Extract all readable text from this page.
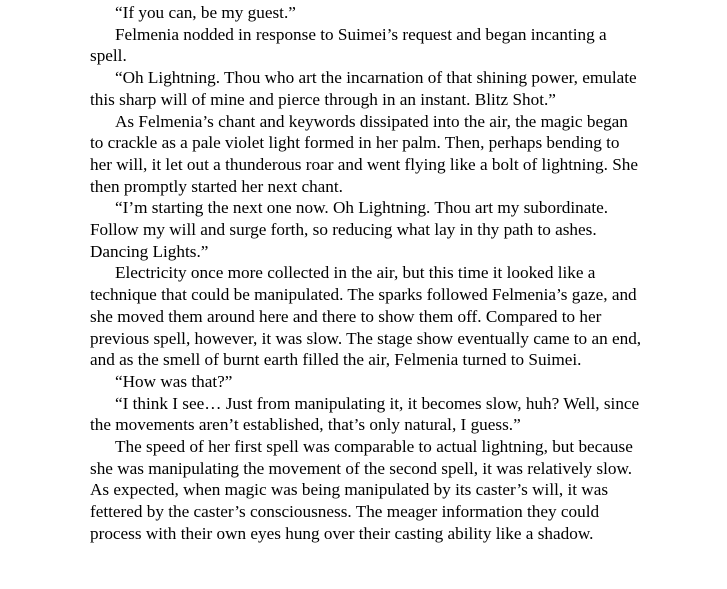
“If you can, be my guest.”

Felmenia nodded in response to Suimei’s request and began incanting a spell.

“Oh Lightning. Thou who art the incarnation of that shining power, emulate this sharp will of mine and pierce through in an instant. Blitz Shot.”

As Felmenia’s chant and keywords dissipated into the air, the magic began to crackle as a pale violet light formed in her palm. Then, perhaps bending to her will, it let out a thunderous roar and went flying like a bolt of lightning. She then promptly started her next chant.

“I’m starting the next one now. Oh Lightning. Thou art my subordinate. Follow my will and surge forth, so reducing what lay in thy path to ashes. Dancing Lights.”

Electricity once more collected in the air, but this time it looked like a technique that could be manipulated. The sparks followed Felmenia’s gaze, and she moved them around here and there to show them off. Compared to her previous spell, however, it was slow. The stage show eventually came to an end, and as the smell of burnt earth filled the air, Felmenia turned to Suimei.

“How was that?”

“I think I see… Just from manipulating it, it becomes slow, huh? Well, since the movements aren’t established, that’s only natural, I guess.”

The speed of her first spell was comparable to actual lightning, but because she was manipulating the movement of the second spell, it was relatively slow. As expected, when magic was being manipulated by its caster’s will, it was fettered by the caster’s consciousness. The meager information they could process with their own eyes hung over their casting ability like a shadow.
